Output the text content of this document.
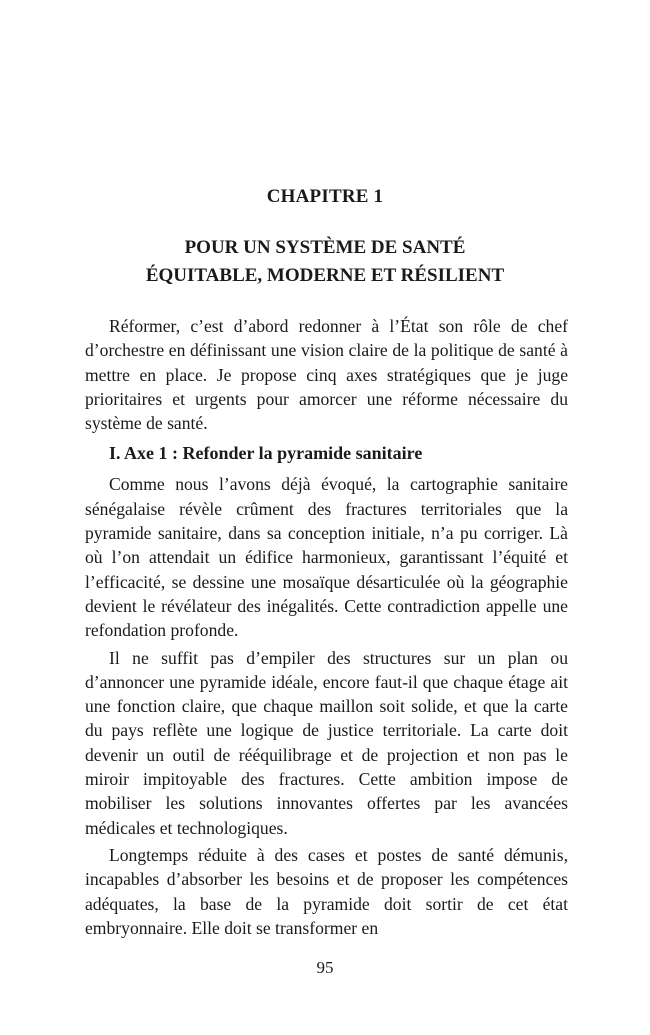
CHAPITRE 1
POUR UN SYSTÈME DE SANTÉ
ÉQUITABLE, MODERNE ET RÉSILIENT

Réformer, c’est d’abord redonner à l’État son rôle de chef d’orchestre en définissant une vision claire de la politique de santé à mettre en place. Je propose cinq axes stratégiques que je juge prioritaires et urgents pour amorcer une réforme nécessaire du système de santé.

I. Axe 1 : Refonder la pyramide sanitaire

Comme nous l’avons déjà évoqué, la cartographie sanitaire sénégalaise révèle crûment des fractures territoriales que la pyramide sanitaire, dans sa conception initiale, n’a pu corriger. Là où l’on attendait un édifice harmonieux, garantissant l’équité et l’efficacité, se dessine une mosaïque désarticulée où la géographie devient le révélateur des inégalités. Cette contradiction appelle une refondation profonde.

Il ne suffit pas d’empiler des structures sur un plan ou d’annoncer une pyramide idéale, encore faut-il que chaque étage ait une fonction claire, que chaque maillon soit solide, et que la carte du pays reflète une logique de justice territoriale. La carte doit devenir un outil de rééquilibrage et de projection et non pas le miroir impitoyable des fractures. Cette ambition impose de mobiliser les solutions innovantes offertes par les avancées médicales et technologiques.

Longtemps réduite à des cases et postes de santé démunis, incapables d’absorber les besoins et de proposer les compétences adéquates, la base de la pyramide doit sortir de cet état embryonnaire. Elle doit se transformer en

95
